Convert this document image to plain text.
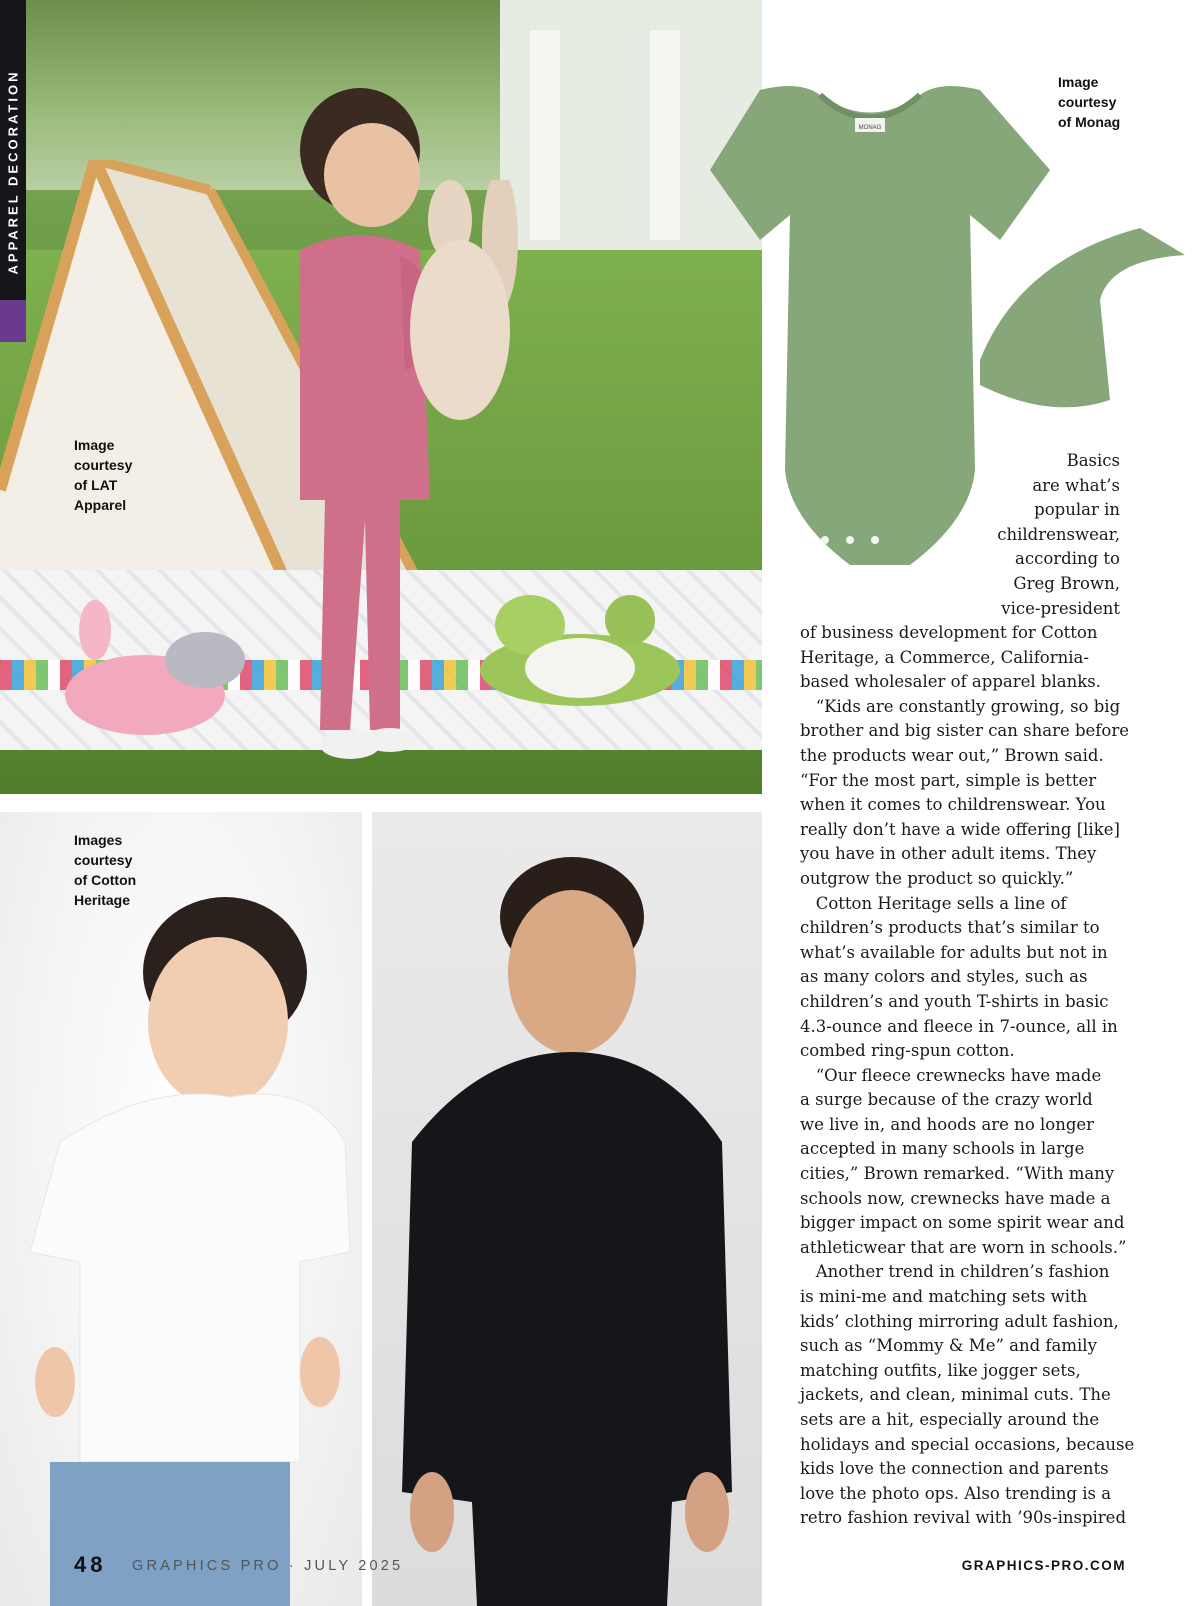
MONAG
APPAREL DECORATION	Image
courtesy
of Monag
Image
courtesy
of LAT
Apparel
Images
courtesy
of Cotton
Heritage

Basics

are what’s

popular in

childrenswear,

according to

Greg Brown,

vice-president

of business development for Cotton

Heritage, a Commerce, California-

based wholesaler of apparel blanks.

“Kids are constantly growing, so big

brother and big sister can share before

the products wear out,” Brown said.

“For the most part, simple is better

when it comes to childrenswear. You

really don’t have a wide offering [like]

you have in other adult items. They

outgrow the product so quickly.”

Cotton Heritage sells a line of

children’s products that’s similar to

what’s available for adults but not in

as many colors and styles, such as

children’s and youth T-shirts in basic

4.3-ounce and fleece in 7-ounce, all in

combed ring-spun cotton.

“Our fleece crewnecks have made

a surge because of the crazy world

we live in, and hoods are no longer

accepted in many schools in large

cities,” Brown remarked. “With many

schools now, crewnecks have made a

bigger impact on some spirit wear and

athleticwear that are worn in schools.”

Another trend in children’s fashion

is mini-me and matching sets with

kids’ clothing mirroring adult fashion,

such as “Mommy & Me” and family

matching outfits, like jogger sets,

jackets, and clean, minimal cuts. The

sets are a hit, especially around the

holidays and special occasions, because

kids love the connection and parents

love the photo ops. Also trending is a

retro fashion revival with ’90s-inspired

48 GRAPHICS PRO · JULY 2025	GRAPHICS-PRO.COM
